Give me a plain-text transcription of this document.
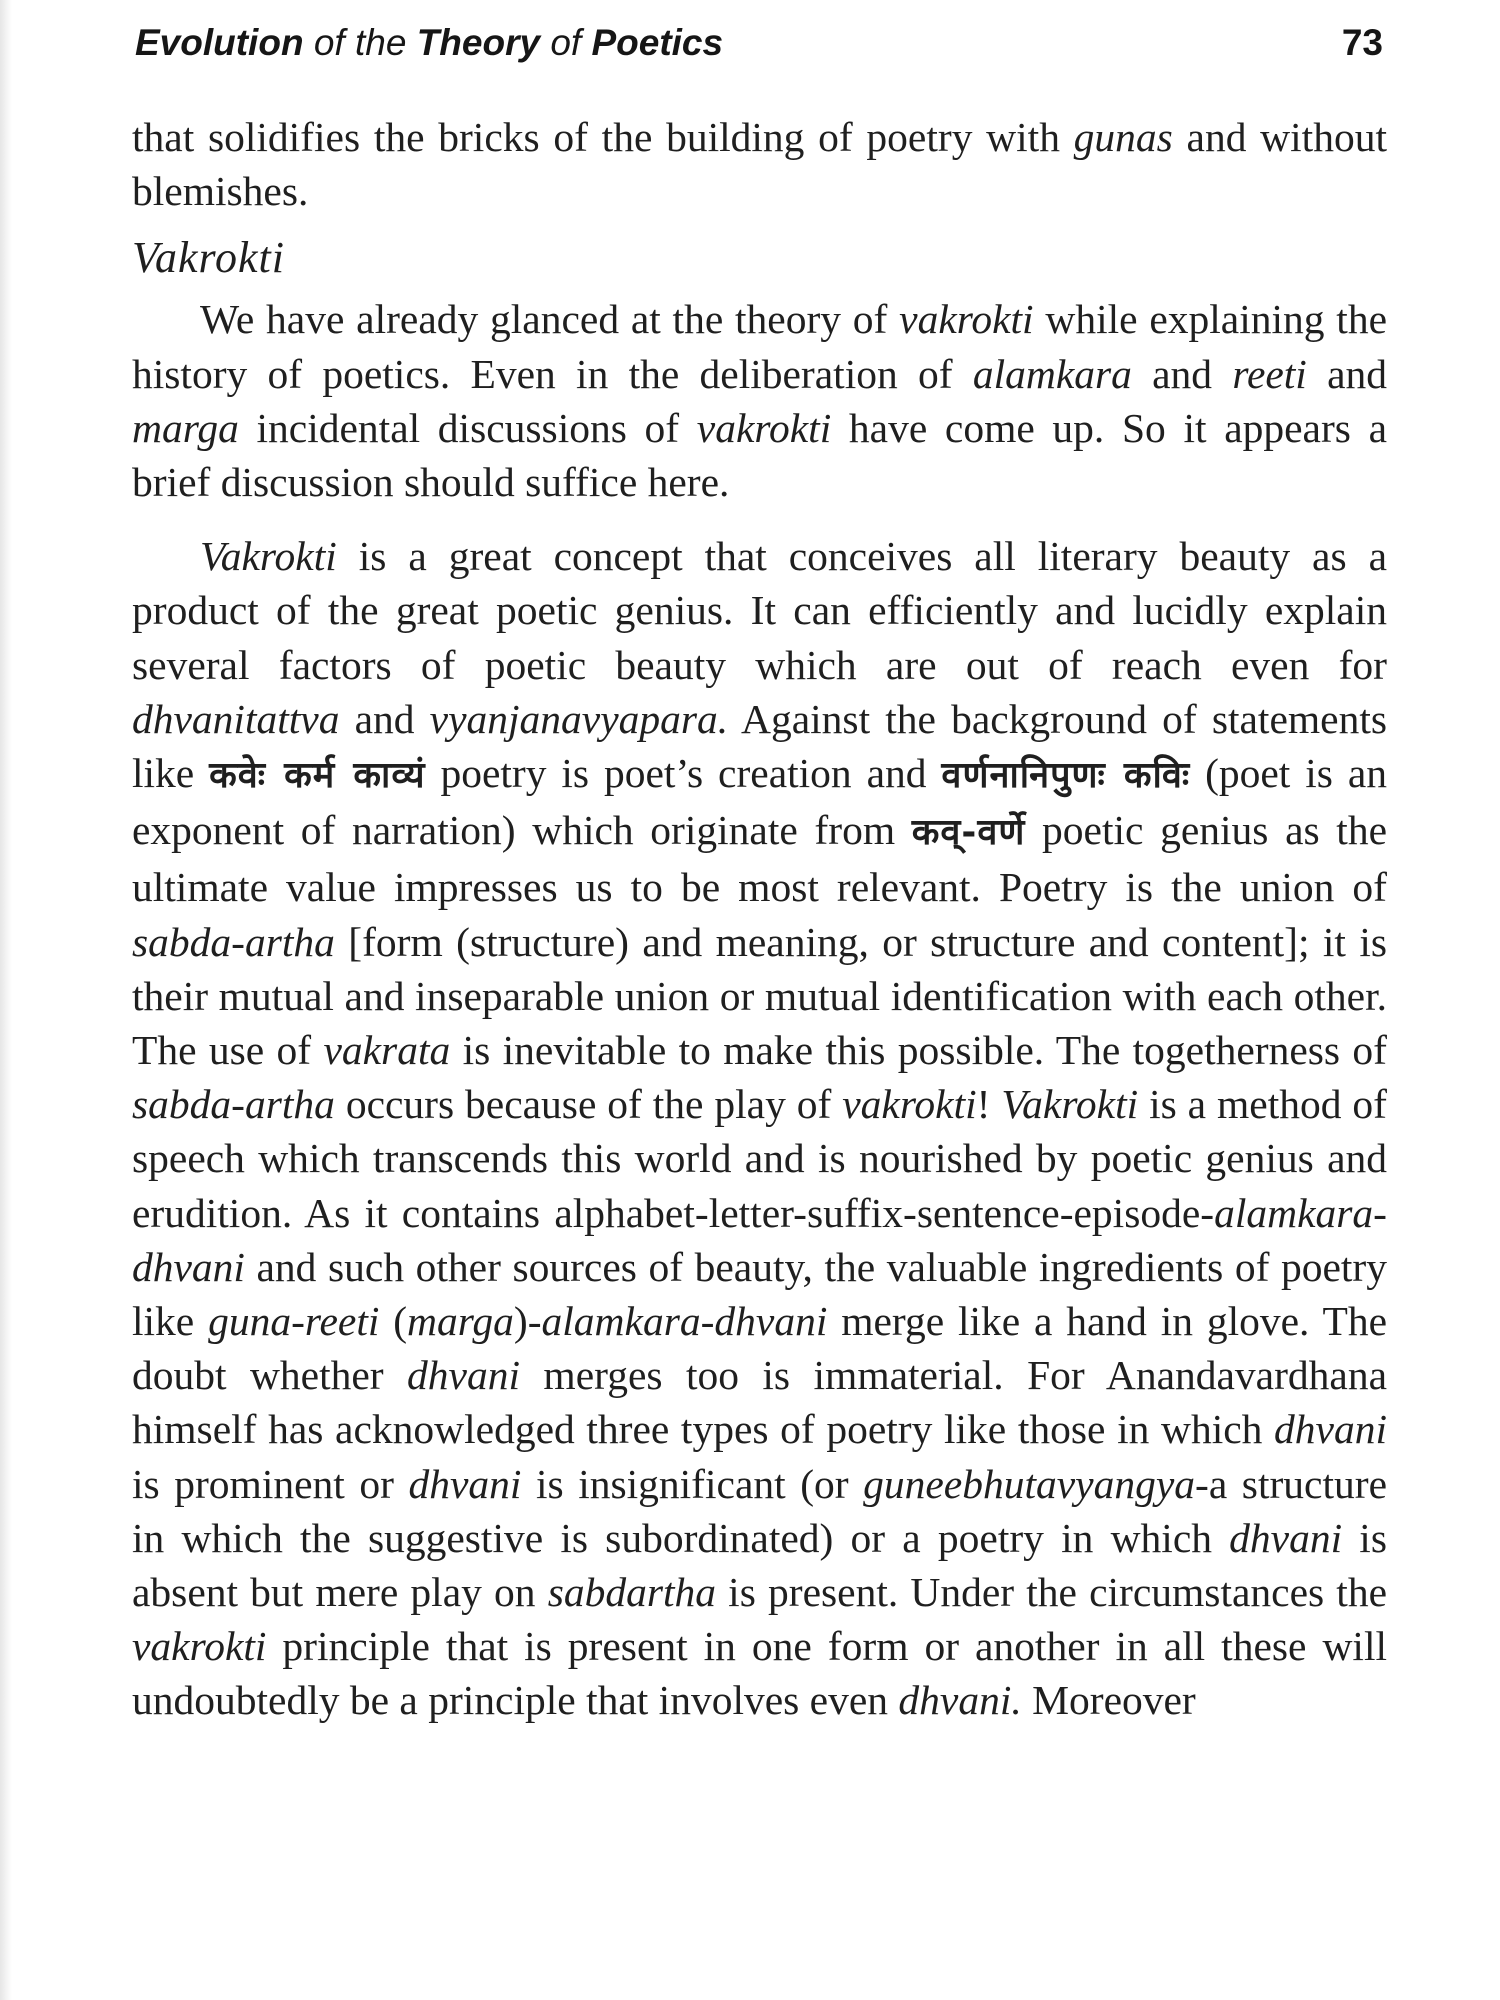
Evolution of the Theory of Poetics	73

that solidifies the bricks of the building of poetry with gunas and without blemishes.

Vakrokti

We have already glanced at the theory of vakrokti while explaining the history of poetics. Even in the deliberation of alamkara and reeti and marga incidental discussions of vakrokti have come up. So it appears a brief discussion should suffice here.

Vakrokti is a great concept that conceives all literary beauty as a product of the great poetic genius. It can efficiently and lucidly explain several factors of poetic beauty which are out of reach even for dhvanitattva and vyanjanavyapara. Against the background of statements like कवेः कर्म काव्यं poetry is poet’s creation and वर्णनानिपुणः कविः (poet is an exponent of narration) which originate from कव्-वर्णे poetic genius as the ultimate value impresses us to be most relevant. Poetry is the union of sabda-artha [form (structure) and meaning, or structure and content]; it is their mutual and inseparable union or mutual identification with each other. The use of vakrata is inevitable to make this possible. The togetherness of sabda-artha occurs because of the play of vakrokti! Vakrokti is a method of speech which transcends this world and is nourished by poetic genius and erudition. As it contains alphabet-letter-suffix-sentence-episode-alamkara-dhvani and such other sources of beauty, the valuable ingredients of poetry like guna-reeti (marga)-alamkara-dhvani merge like a hand in glove. The doubt whether dhvani merges too is immaterial. For Anandavardhana himself has acknowledged three types of poetry like those in which dhvani is prominent or dhvani is insignificant (or guneebhutavyangya-a structure in which the suggestive is subordinated) or a poetry in which dhvani is absent but mere play on sabdartha is present. Under the circumstances the vakrokti principle that is present in one form or another in all these will undoubtedly be a principle that involves even dhvani. Moreover
